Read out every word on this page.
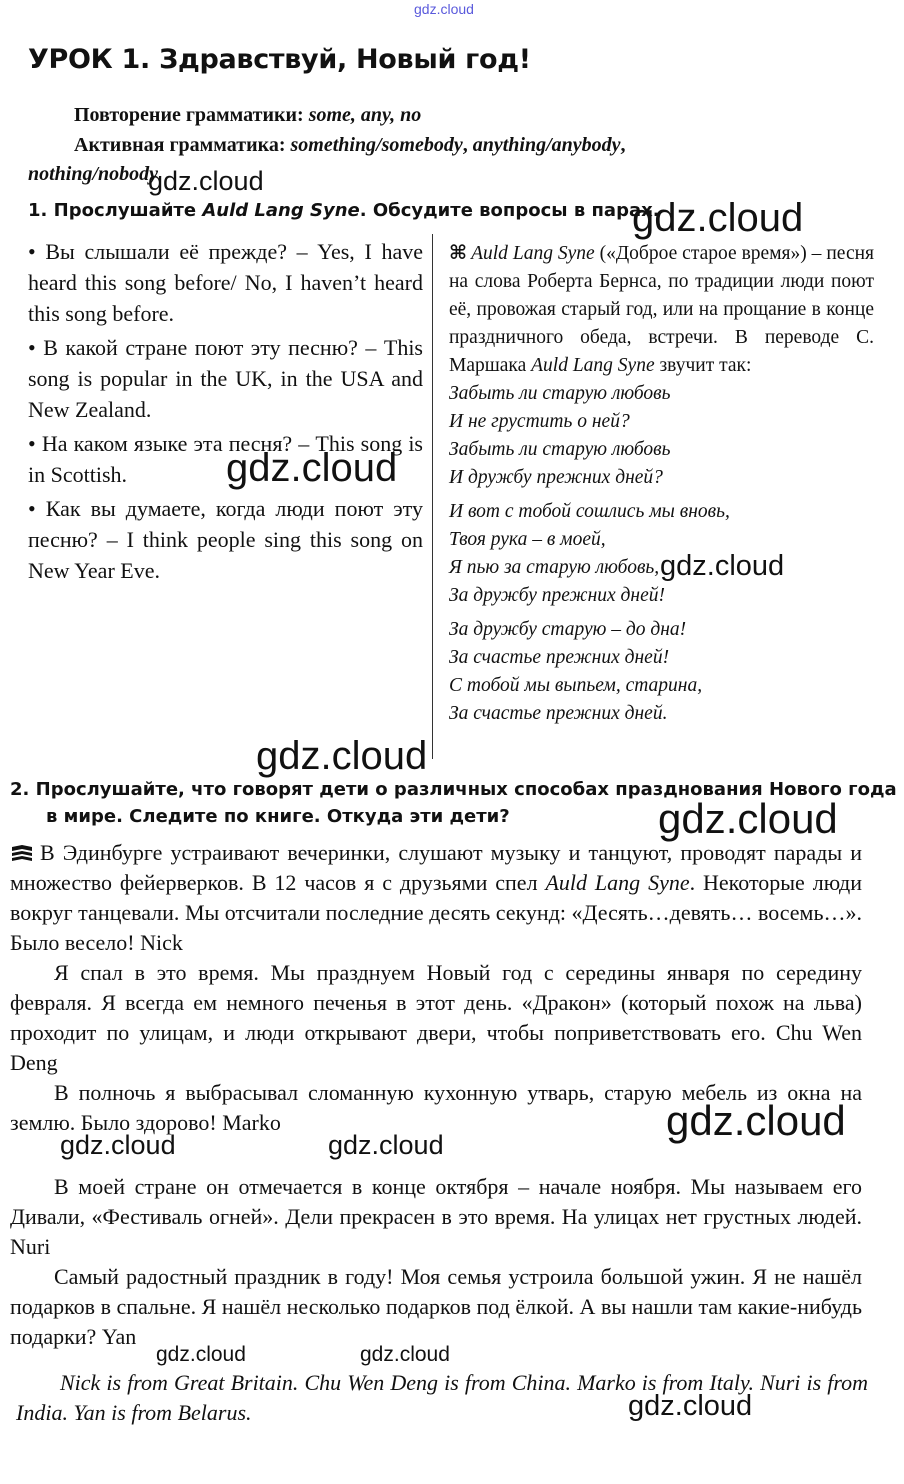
gdz.cloud
УРОК 1. Здравствуй, Новый год!
Повторение грамматики: some, any, no
Активная грамматика: something/somebody, anything/anybody,
nothing/nobody
1. Прослушайте Auld Lang Syne. Обсудите вопросы в парах.

• Вы слышали её прежде? – Yes, I have heard this song before/ No, I haven’t heard this song before.

• В какой стране поют эту песню? – This song is popular in the UK, in the USA and New Zealand.

• На каком языке эта песня? – This song is in Scottish.

• Как вы думаете, когда люди поют эту песню? – I think people sing this song on New Year Eve.

⌘ Auld Lang Syne («Доброе старое время») – песня на слова Роберта Бернса, по традиции люди поют её, провожая старый год, или на прощание в конце праздничного обеда, встречи. В переводе С. Маршака Auld Lang Syne звучит так:

Забыть ли старую любовь
И не грустить о ней?
Забыть ли старую любовь
И дружбу прежних дней?
И вот с тобой сошлись мы вновь,
Твоя рука – в моей,
Я пью за старую любовь,
За дружбу прежних дней!
За дружбу старую – до дна!
За счастье прежних дней!
С тобой мы выпьем, старина,
За счастье прежних дней.
2. Прослушайте, что говорят дети о различных способах празднования Нового года
в мире. Следите по книге. Откуда эти дети?

В Эдинбурге устраивают вечеринки, слушают музыку и танцуют, проводят парады и множество фейерверков. В 12 часов я с друзьями спел Auld Lang Syne. Некоторые люди вокруг танцевали. Мы отсчитали последние десять секунд: «Десять…девять… восемь…». Было весело! Nick

Я спал в это время. Мы празднуем Новый год с середины января по середину февраля. Я всегда ем немного печенья в этот день. «Дракон» (который похож на льва) проходит по улицам, и люди открывают двери, чтобы поприветствовать его. Chu Wen Deng

В полночь я выбрасывал сломанную кухонную утварь, старую мебель из окна на землю. Было здорово! Marko

В моей стране он отмечается в конце октября – начале ноября. Мы называем его Дивали, «Фестиваль огней». Дели прекрасен в это время. На улицах нет грустных людей. Nuri

Самый радостный праздник в году! Моя семья устроила большой ужин. Я не нашёл подарков в спальне. Я нашёл несколько подарков под ёлкой. А вы нашли там какие-нибудь подарки? Yan

Nick is from Great Britain. Chu Wen Deng is from China. Marko is from Italy. Nuri is from India. Yan is from Belarus.
gdz.cloud
gdz.cloud
gdz.cloud
gdz.cloud
gdz.cloud
gdz.cloud
gdz.cloud
gdz.cloud	gdz.cloud
gdz.cloud	gdz.cloud
gdz.cloud
